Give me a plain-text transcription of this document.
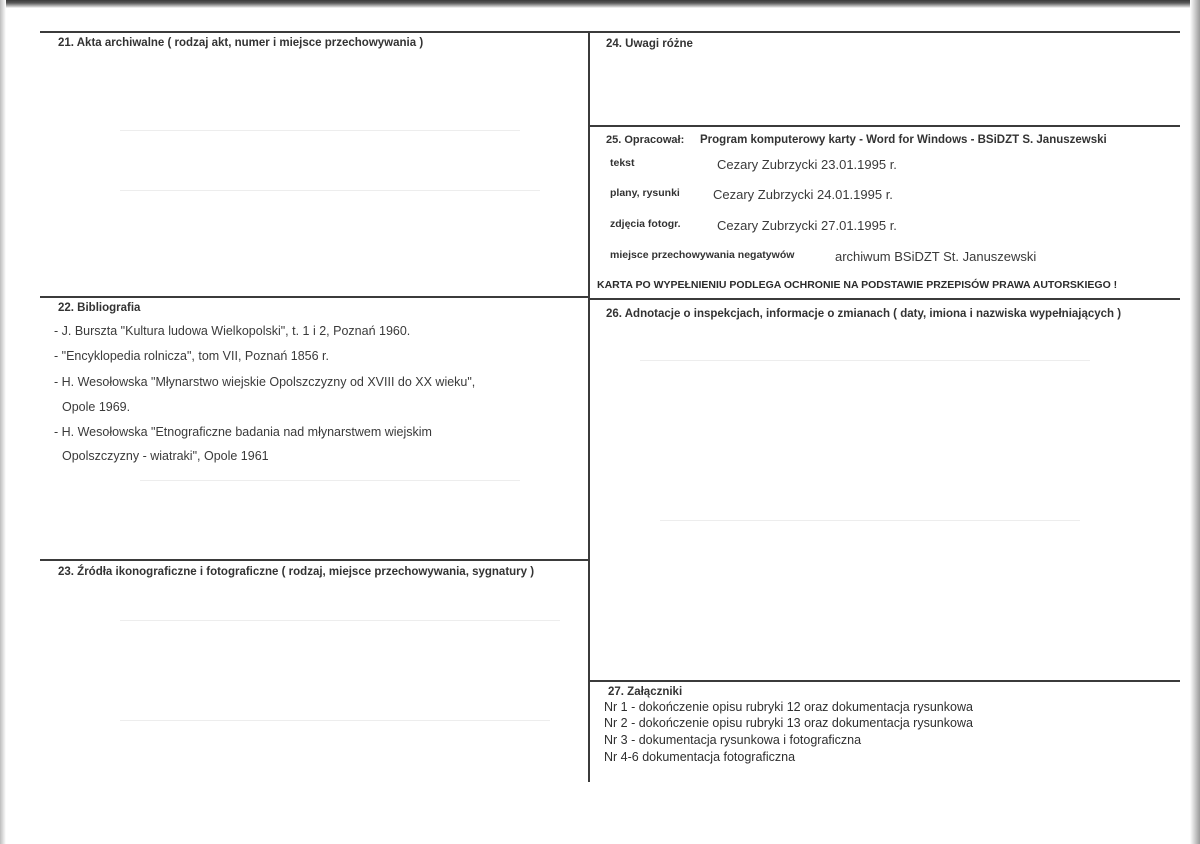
21. Akta archiwalne ( rodzaj akt, numer i miejsce przechowywania )
22. Bibliografia
- J. Burszta "Kultura ludowa Wielkopolski", t. 1 i 2, Poznań 1960.
- "Encyklopedia rolnicza", tom VII, Poznań 1856 r.
- H. Wesołowska "Młynarstwo wiejskie Opolszczyzny od XVIII do XX wieku",
Opole 1969.
- H. Wesołowska "Etnograficzne badania nad młynarstwem wiejskim
Opolszczyzny - wiatraki", Opole 1961
23. Źródła ikonograficzne i fotograficzne ( rodzaj, miejsce przechowywania, sygnatury )
24. Uwagi różne
25. Opracował: Program komputerowy karty - Word for Windows - BSiDZT S. Januszewski
tekst	Cezary Zubrzycki 23.01.1995 r.
plany, rysunki	Cezary Zubrzycki 24.01.1995 r.
zdjęcia fotogr.	Cezary Zubrzycki 27.01.1995 r.
miejsce przechowywania negatywów	archiwum BSiDZT St. Januszewski
KARTA PO WYPEŁNIENIU PODLEGA OCHRONIE NA PODSTAWIE PRZEPISÓW PRAWA AUTORSKIEGO !
26. Adnotacje o inspekcjach, informacje o zmianach ( daty, imiona i nazwiska wypełniających )
27. Załączniki
Nr 1 - dokończenie opisu rubryki 12 oraz dokumentacja rysunkowa
Nr 2 - dokończenie opisu rubryki 13 oraz dokumentacja rysunkowa
Nr 3 - dokumentacja rysunkowa i fotograficzna
Nr 4-6 dokumentacja fotograficzna
